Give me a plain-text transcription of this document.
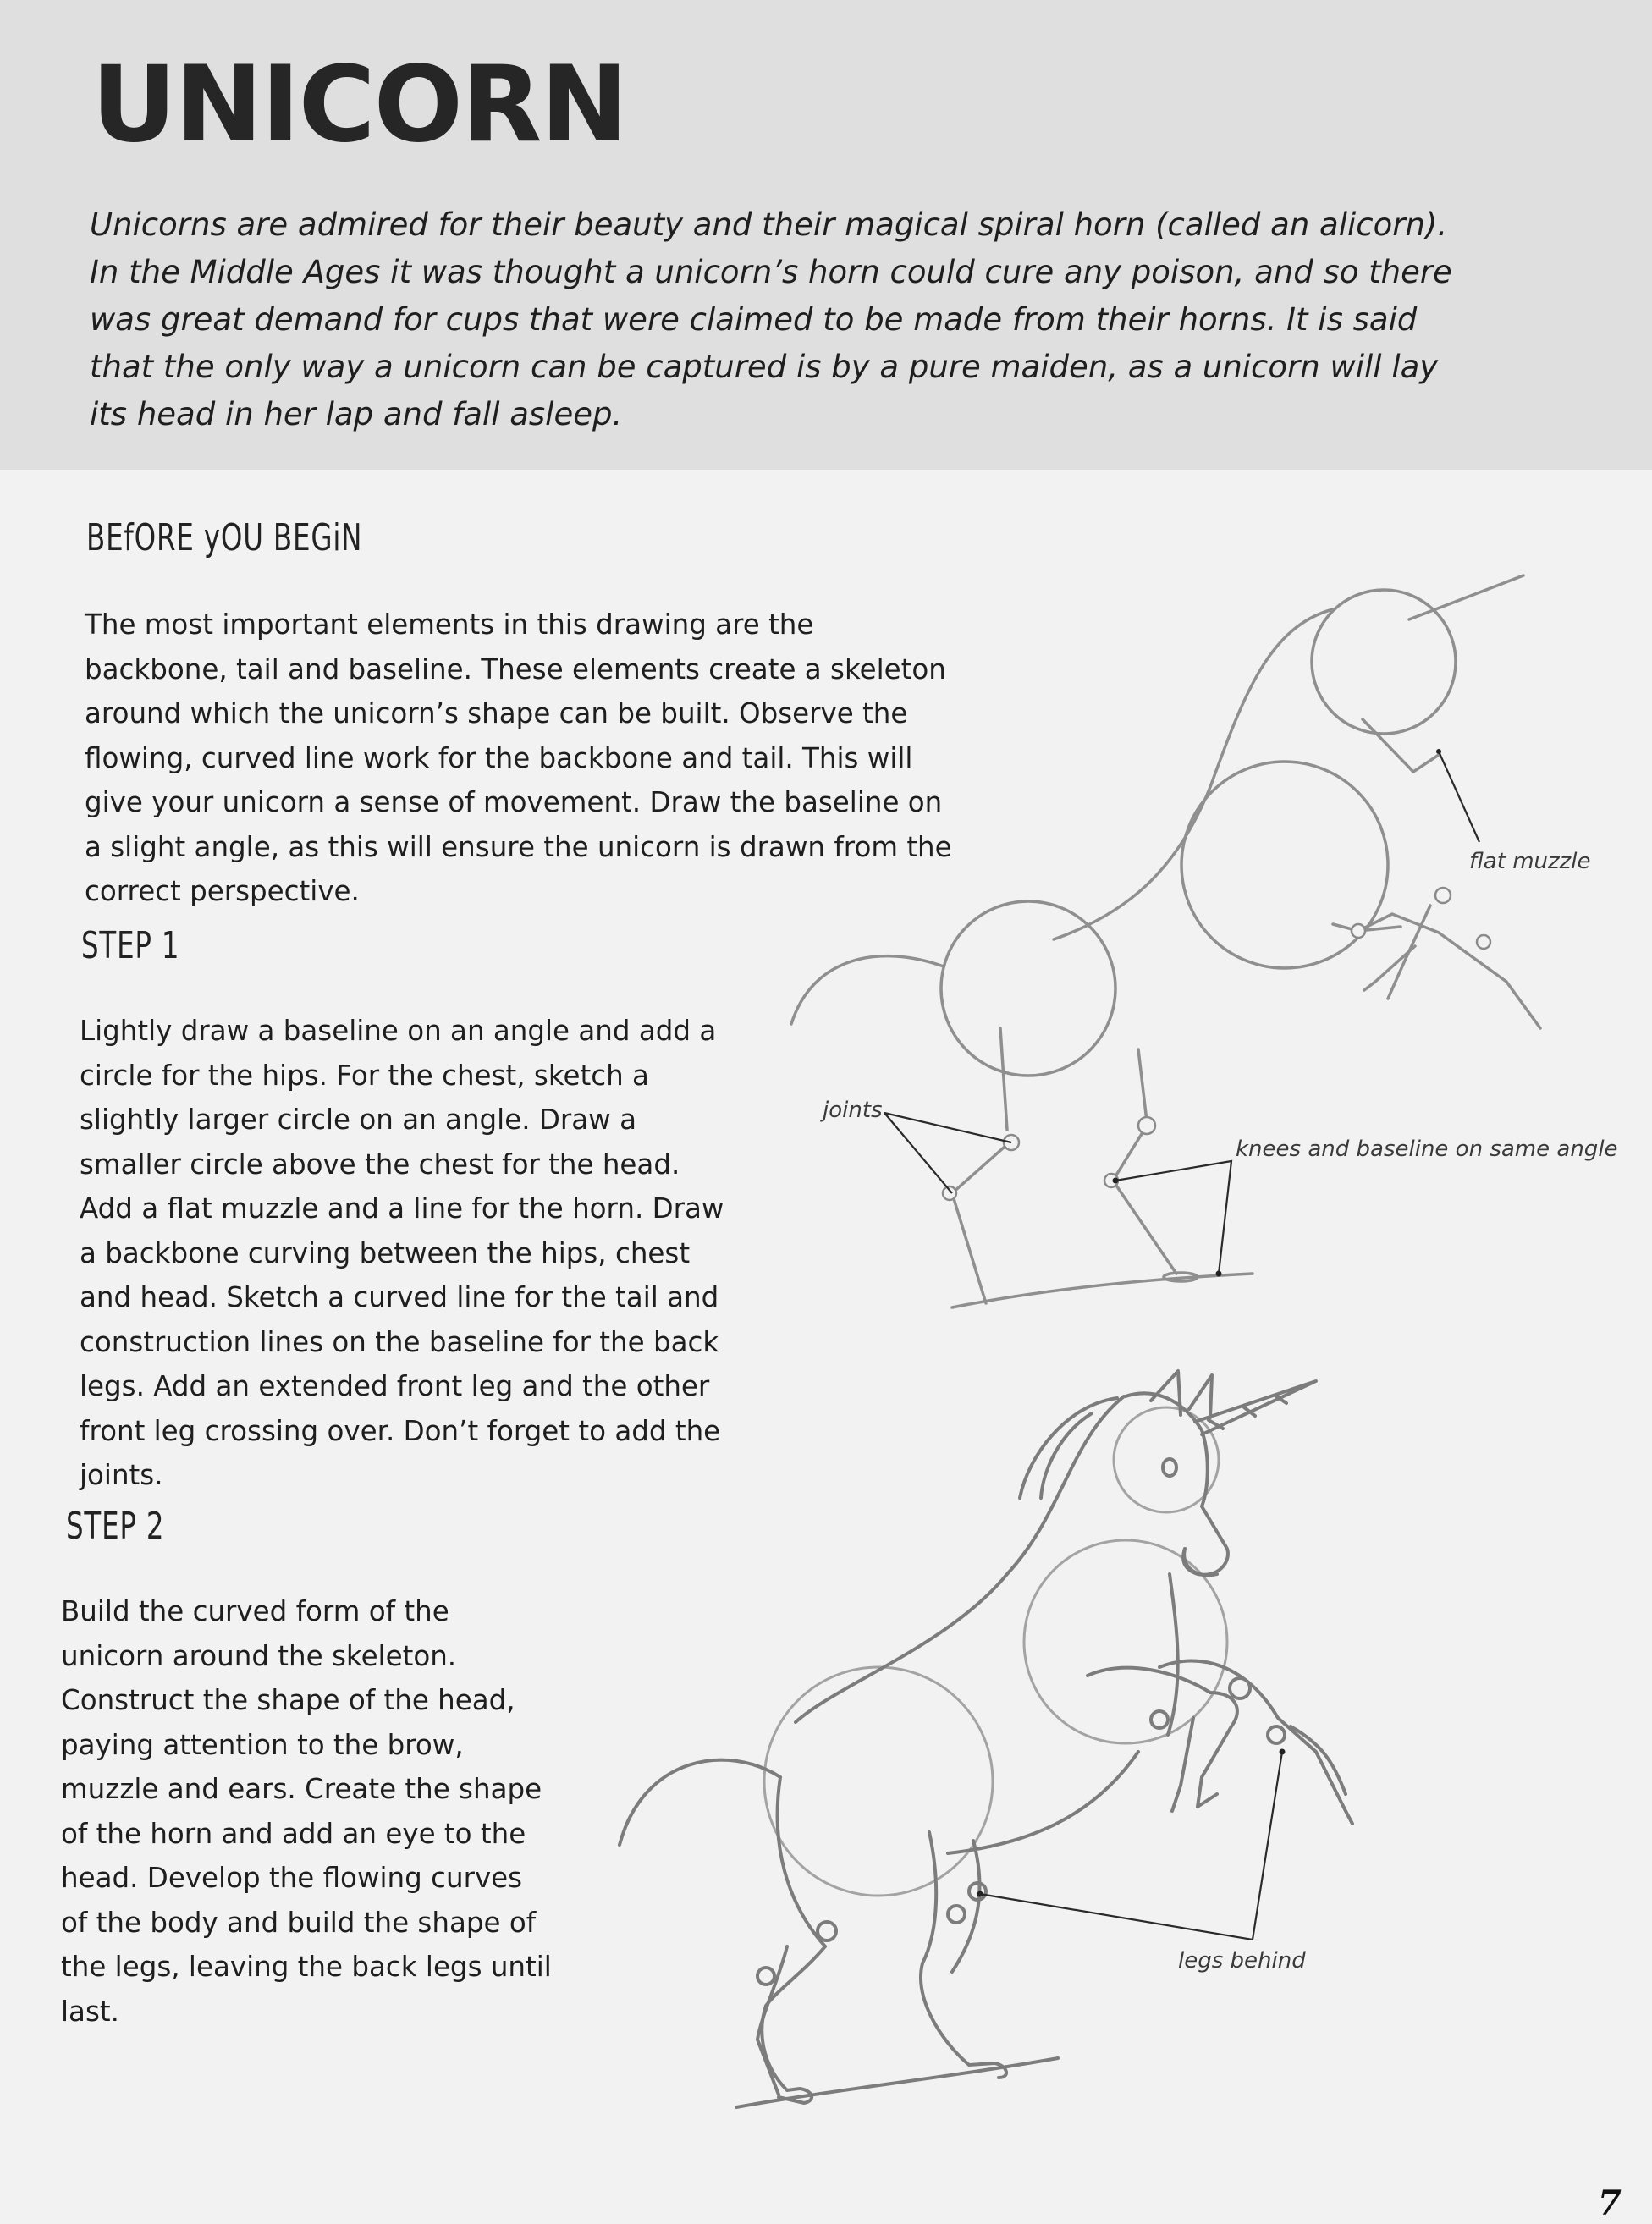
UNICORN

Unicorns are admired for their beauty and their magical spiral horn (called an alicorn). In the Middle Ages it was thought a unicorn’s horn could cure any poison, and so there was great demand for cups that were claimed to be made from their horns. It is said that the only way a unicorn can be captured is by a pure maiden, as a unicorn will lay its head in her lap and fall asleep.

BEfORE yOU BEGiN

The most important elements in this drawing are the backbone, tail and baseline. These elements create a skeleton around which the unicorn’s shape can be built. Observe the flowing, curved line work for the backbone and tail. This will give your unicorn a sense of movement. Draw the baseline on a slight angle, as this will ensure the unicorn is drawn from the correct perspective.

STEP 1

Lightly draw a baseline on an angle and add a circle for the hips. For the chest, sketch a slightly larger circle on an angle. Draw a smaller circle above the chest for the head. Add a flat muzzle and a line for the horn. Draw a backbone curving between the hips, chest and head. Sketch a curved line for the tail and construction lines on the baseline for the back legs. Add an extended front leg and the other front leg crossing over. Don’t forget to add the joints.

STEP 2

Build the curved form of the unicorn around the skeleton. Construct the shape of the head, paying attention to the brow, muzzle and ears. Create the shape of the horn and add an eye to the head. Develop the flowing curves of the body and build the shape of the legs, leaving the back legs until last.

flat muzzle
joints
knees and baseline on same angle
legs behind
7
